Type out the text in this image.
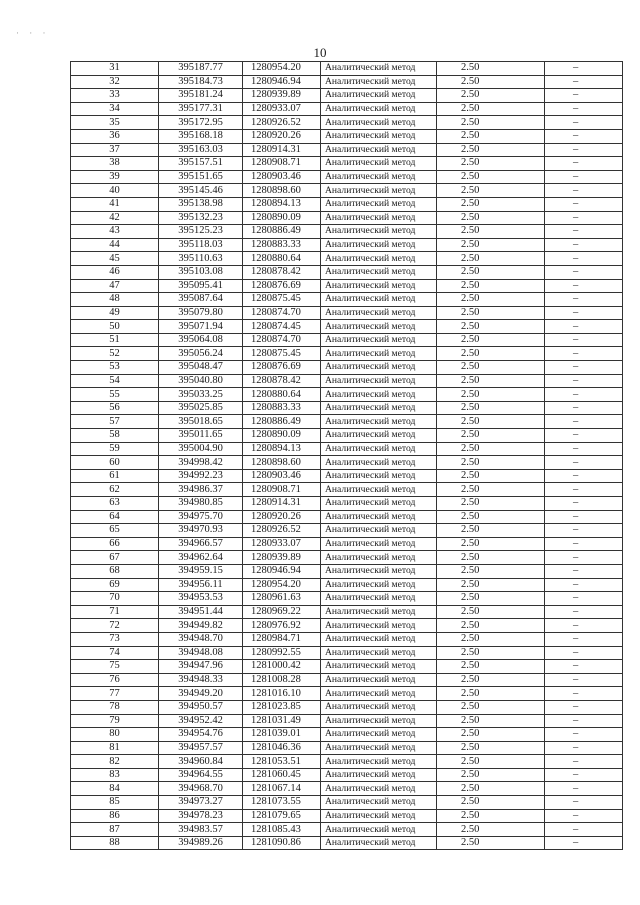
· · ·
10
31	395187.77	1280954.20	Аналитический метод	2.50	–
32	395184.73	1280946.94	Аналитический метод	2.50	–
33	395181.24	1280939.89	Аналитический метод	2.50	–
34	395177.31	1280933.07	Аналитический метод	2.50	–
35	395172.95	1280926.52	Аналитический метод	2.50	–
36	395168.18	1280920.26	Аналитический метод	2.50	–
37	395163.03	1280914.31	Аналитический метод	2.50	–
38	395157.51	1280908.71	Аналитический метод	2.50	–
39	395151.65	1280903.46	Аналитический метод	2.50	–
40	395145.46	1280898.60	Аналитический метод	2.50	–
41	395138.98	1280894.13	Аналитический метод	2.50	–
42	395132.23	1280890.09	Аналитический метод	2.50	–
43	395125.23	1280886.49	Аналитический метод	2.50	–
44	395118.03	1280883.33	Аналитический метод	2.50	–
45	395110.63	1280880.64	Аналитический метод	2.50	–
46	395103.08	1280878.42	Аналитический метод	2.50	–
47	395095.41	1280876.69	Аналитический метод	2.50	–
48	395087.64	1280875.45	Аналитический метод	2.50	–
49	395079.80	1280874.70	Аналитический метод	2.50	–
50	395071.94	1280874.45	Аналитический метод	2.50	–
51	395064.08	1280874.70	Аналитический метод	2.50	–
52	395056.24	1280875.45	Аналитический метод	2.50	–
53	395048.47	1280876.69	Аналитический метод	2.50	–
54	395040.80	1280878.42	Аналитический метод	2.50	–
55	395033.25	1280880.64	Аналитический метод	2.50	–
56	395025.85	1280883.33	Аналитический метод	2.50	–
57	395018.65	1280886.49	Аналитический метод	2.50	–
58	395011.65	1280890.09	Аналитический метод	2.50	–
59	395004.90	1280894.13	Аналитический метод	2.50	–
60	394998.42	1280898.60	Аналитический метод	2.50	–
61	394992.23	1280903.46	Аналитический метод	2.50	–
62	394986.37	1280908.71	Аналитический метод	2.50	–
63	394980.85	1280914.31	Аналитический метод	2.50	–
64	394975.70	1280920.26	Аналитический метод	2.50	–
65	394970.93	1280926.52	Аналитический метод	2.50	–
66	394966.57	1280933.07	Аналитический метод	2.50	–
67	394962.64	1280939.89	Аналитический метод	2.50	–
68	394959.15	1280946.94	Аналитический метод	2.50	–
69	394956.11	1280954.20	Аналитический метод	2.50	–
70	394953.53	1280961.63	Аналитический метод	2.50	–
71	394951.44	1280969.22	Аналитический метод	2.50	–
72	394949.82	1280976.92	Аналитический метод	2.50	–
73	394948.70	1280984.71	Аналитический метод	2.50	–
74	394948.08	1280992.55	Аналитический метод	2.50	–
75	394947.96	1281000.42	Аналитический метод	2.50	–
76	394948.33	1281008.28	Аналитический метод	2.50	–
77	394949.20	1281016.10	Аналитический метод	2.50	–
78	394950.57	1281023.85	Аналитический метод	2.50	–
79	394952.42	1281031.49	Аналитический метод	2.50	–
80	394954.76	1281039.01	Аналитический метод	2.50	–
81	394957.57	1281046.36	Аналитический метод	2.50	–
82	394960.84	1281053.51	Аналитический метод	2.50	–
83	394964.55	1281060.45	Аналитический метод	2.50	–
84	394968.70	1281067.14	Аналитический метод	2.50	–
85	394973.27	1281073.55	Аналитический метод	2.50	–
86	394978.23	1281079.65	Аналитический метод	2.50	–
87	394983.57	1281085.43	Аналитический метод	2.50	–
88	394989.26	1281090.86	Аналитический метод	2.50	–
